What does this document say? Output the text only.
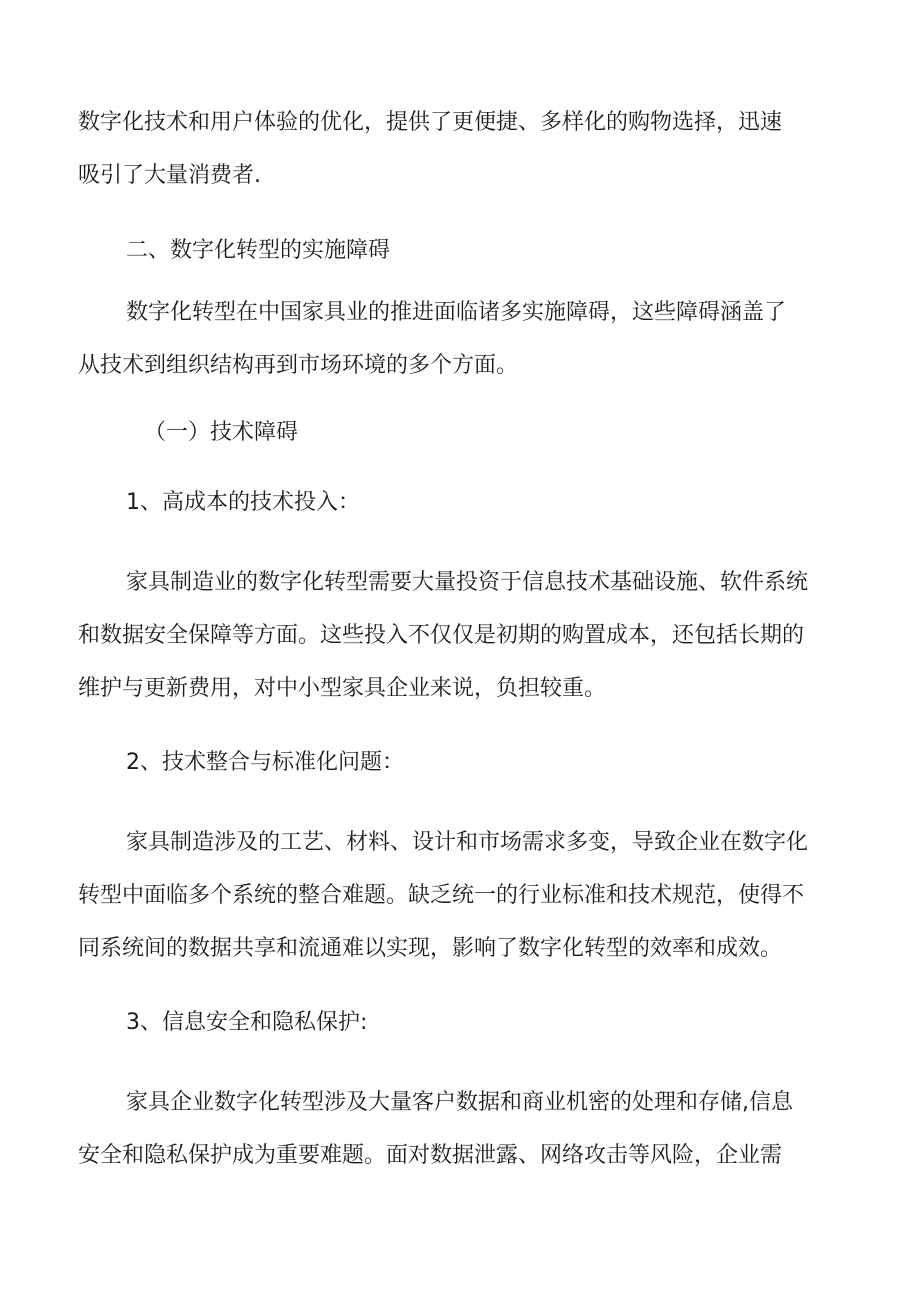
数字化技术和用户体验的优化，提供了更便捷、多样化的购物选择，迅速
吸引了大量消费者.
二、数字化转型的实施障碍
数字化转型在中国家具业的推进面临诸多实施障碍，这些障碍涵盖了
从技术到组织结构再到市场环境的多个方面。
（一）技术障碍
1、高成本的技术投入：
家具制造业的数字化转型需要大量投资于信息技术基础设施、软件系统
和数据安全保障等方面。这些投入不仅仅是初期的购置成本，还包括长期的
维护与更新费用，对中小型家具企业来说，负担较重。
2、技术整合与标准化问题：
家具制造涉及的工艺、材料、设计和市场需求多变，导致企业在数字化
转型中面临多个系统的整合难题。缺乏统一的行业标准和技术规范，使得不
同系统间的数据共享和流通难以实现，影响了数字化转型的效率和成效。
3、信息安全和隐私保护:
家具企业数字化转型涉及大量客户数据和商业机密的处理和存储,信息
安全和隐私保护成为重要难题。面对数据泄露、网络攻击等风险，企业需
